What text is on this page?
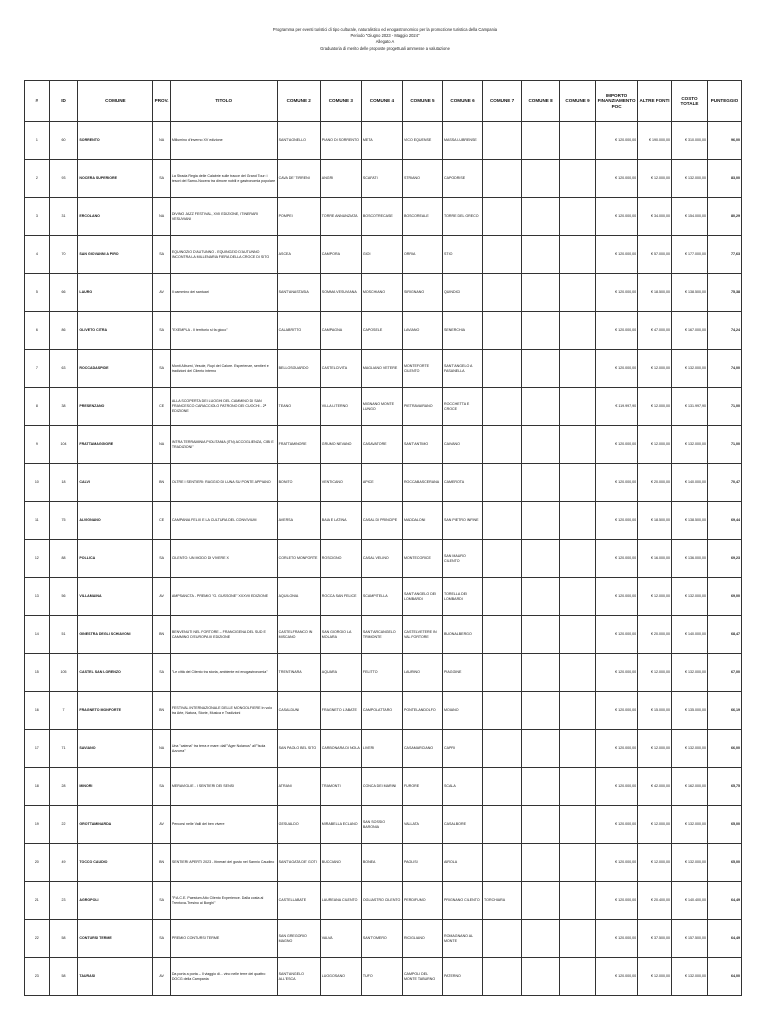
Programma per eventi turistici di tipo culturale, naturalistico ed enogastronomico per la promozione turistica della Campania
Periodo "Giugno 2023 - Maggio 2024"
Allegato A
Graduatoria di merito delle proposte progettuali ammesse a valutazione
#	ID	COMUNE	PROV.	TITOLO	COMUNE 2	COMUNE 3	COMUNE 4	COMUNE 5	COMUNE 6	COMUNE 7	COMUNE 8	COMUNE 9	IMPORTO FINANZIAMENTO POC	ALTRE FONTI	COSTO TOTALE	PUNTEGGIO
1	60	SORRENTO	NA	Millumino d'inverno XV edizione	SANT'AGNELLO	PIANO DI SORRENTO	META	VICO EQUENSE	MASSA LUBRENSE				€ 120.000,00	€ 190.000,00	€ 310.000,00	96,00
2	93	NOCERA SUPERIORE	SA	La Strada Regia delle Calabrie sulle tracce del Grand Tour: i tesori del Sarno-Nocera tra dimore nobili e gastronomia popolare	CAVA DE' TIRRENI	ANGRI	SCAFATI	STRIANO	CAPODRISE				€ 120.000,00	€ 12.000,00	€ 132.000,00	83,00
3	31	ERCOLANO	NA	DIVINO JAZZ FESTIVAL, XVII EDIZIONE, ITINERARI VESUVIANI	POMPEI	TORRE ANNUNZIATA	BOSCOTRECASE	BOSCOREALE	TORRE DEL GRECO				€ 120.000,00	€ 34.000,00	€ 154.000,00	80,29
4	70	SAN GIOVANNI A PIRO	SA	EQUINOZIO D'AUTUNNO - EQUINOZIO D'AUTUNNO INCONTRA LA MILLENARIA FIERA DELLA CROCE DI SITO	ASCEA	CAMPORA	GIOI	ORRIA	STIO				€ 120.000,00	€ 57.000,00	€ 177.000,00	77,63
5	66	LAURO	AV	Il cammino dei santuari	SANT'ANASTASIA	SOMMA VESUVIANA	MOSCHIANO	SIRIGNANO	QUINDICI				€ 120.000,00	€ 18.500,00	€ 138.500,00	75,38
6	86	OLIVETO CITRA	SA	"EXEMPLA - Il territorio si fa gioco"	CALABRITTO	CAMPAGNA	CAPOSELE	LAVIANO	SENERCHIA				€ 120.000,00	€ 47.000,00	€ 167.000,00	74,24
7	63	ROCCADASPIDE	SA	Monti Alburni, Vesole, Rupi del Calore. Esperienze, sentieri e tradizioni del Cilento interno	BELLOSGUARDO	CASTELCIVITA	MAGLIANO VETERE	MONTEFORTE CILENTO	SANT'ANGELO A FASANELLA				€ 120.000,00	€ 12.000,00	€ 132.000,00	74,00
8	38	PRESENZANO	CE	ALLA SCOPERTA DEI LUOGHI DEL CAMMINO DI SAN FRANCESCO CARACCIOLO PATRONO DEI CUOCHI - 2ª EDIZIONE	TEANO	VILLA LITERNO	MIGNANO MONTE LUNGO	PIETRAVAIRANO	ROCCHETTA E CROCE				€ 119.997,90	€ 12.000,00	€ 131.997,90	71,00
9	104	FRATTAMAGGIORE	NA	INTRA TERRAMINIA PIOLITANIA (ITN) ACCOGLIENZA, CIBI E TRADIZIONI"	FRATTAMINORE	GRUMO NEVANO	CASAVATORE	SANT'ANTIMO	CAIVANO				€ 120.000,00	€ 12.000,00	€ 132.000,00	71,00
10	18	CALVI	BN	OLTRE I SENTIERI: RAGGIO DI LUNA SU PONTE APPIANO	BONITO	VENTICANO	APICE	ROCCABASCERANA	CAMEROTA				€ 120.000,00	€ 20.000,00	€ 140.000,00	70,47
11	75	ALVIGNANO	CE	CAMPANIA FELIX E LA CULTURA DEL CONVIVIUM	AVERSA	BAIA E LATINA	CASAL DI PRINCIPE	MADDALONI	SAN PIETRO INFINE				€ 120.000,00	€ 18.500,00	€ 138.500,00	69,44
12	88	POLLICA	SA	CILENTO: UN MODO DI VIVERE X	CORLETO MONFORTE	ROSCIGNO	CASAL VELINO	MONTECORICE	SAN MAURO CILENTO				€ 120.000,00	€ 16.000,00	€ 136.000,00	69,23
13	56	VILLAMAINA	AV	AMPSANCTA - PREMIO "G. GUSSONE" XXXVII EDIZIONE	AQUILONIA	ROCCA SAN FELICE	SCAMPITELLA	SANT'ANGELO DEI LOMBARDI	TORELLA DEI LOMBARDI				€ 120.000,00	€ 12.000,00	€ 132.000,00	69,00
14	51	GINESTRA DEGLI SCHIAVONI	BN	BENVENUTI NEL FORTORE – FRANCIGENA DEL SUD E CAMMINO D'EUROPA III EDIZIONE	CASTELFRANCO IN MISCANO	SAN GIORGIO LA MOLARA	SANT'ARCANGELO TRIMONTE	CASTELVETERE IN VAL FORTORE	BUONALBERGO				€ 120.000,00	€ 20.000,00	€ 140.000,00	68,47
15	105	CASTEL SAN LORENZO	SA	"Le città del Cilento tra storia, ambiente ed enogastronomia"	TRENTINARA	AQUARA	FELITTO	LAURINO	PIAGGINE				€ 120.000,00	€ 12.000,00	€ 132.000,00	67,00
16	7	FRAGNETO MONFORTE	BN	FESTIVAL INTERNAZIONALE DELLE MONGOLFIERE In volo tra Arte, Natura, Storie, Musica e Tradizioni	CASALDUNI	FRAGNETO L'ABATE	CAMPOLATTARO	PONTELANDOLFO	MOIANO				€ 120.000,00	€ 15.000,00	€ 135.000,00	66,19
17	71	SAVIANO	NA	Una "catena" tra terra e mare: dall'"Ager Nolanus" all'"Isola Azzurra"	SAN PAOLO BEL SITO	CARBONARA DI NOLA	LIVERI	CASAMARCIANO	CAPRI				€ 120.000,00	€ 12.000,00	€ 132.000,00	66,00
18	28	MINORI	SA	MERAVIGLIE - I SENTIERI DEI SENSI	ATRANI	TRAMONTI	CONCA DEI MARINI	FURORE	SCALA				€ 120.000,00	€ 42.000,00	€ 162.000,00	65,75
19	22	GROTTAMINARDA	AV	Percorsi nelle Valli del ben vivere	GESUALDO	MIRABELLA ECLANO	SAN SOSSIO BARONIA	VALLATA	CASALBORE				€ 120.000,00	€ 12.000,00	€ 132.000,00	65,00
20	49	TOCCO CAUDIO	BN	SENTIERI APERTI 2023 - Itinerari del gusto nel Sannio Caudino	SANT'AGATA DE' GOTI	BUCCIANO	BONEA	PAOLISI	AIROLA				€ 120.000,00	€ 12.000,00	€ 132.000,00	65,00
21	23	AGROPOLI	SA	"P.A.C.E. Paestum Alto Cilento Experience. Dalla costa al Trentova-Tresino ai Borghi"	CASTELLABATE	LAUREANA CILENTO	OGLIASTRO CILENTO	PERDIFUMO	PRIGNANO CILENTO	TORCHIARA			€ 120.000,00	€ 20.400,00	€ 140.400,00	64,49
22	58	CONTURSI TERME	SA	PREMIO CONTURSI TERME	SAN GREGORIO MAGNO	VALVA	SANT'OMERO	RICIGLIANO	ROMAGNANO AL MONTE				€ 120.000,00	€ 37.500,00	€ 157.500,00	64,49
23	58	TAURASI	AV	Da porta a porta – Il viaggio di... vino nelle terre del quattro DOCG della Campania	SANT'ANGELO ALL'ESCA	LUOGOSANO	TUFO	CAMPOLI DEL MONTE TABURNO	PATERNO				€ 120.000,00	€ 12.000,00	€ 132.000,00	64,00
